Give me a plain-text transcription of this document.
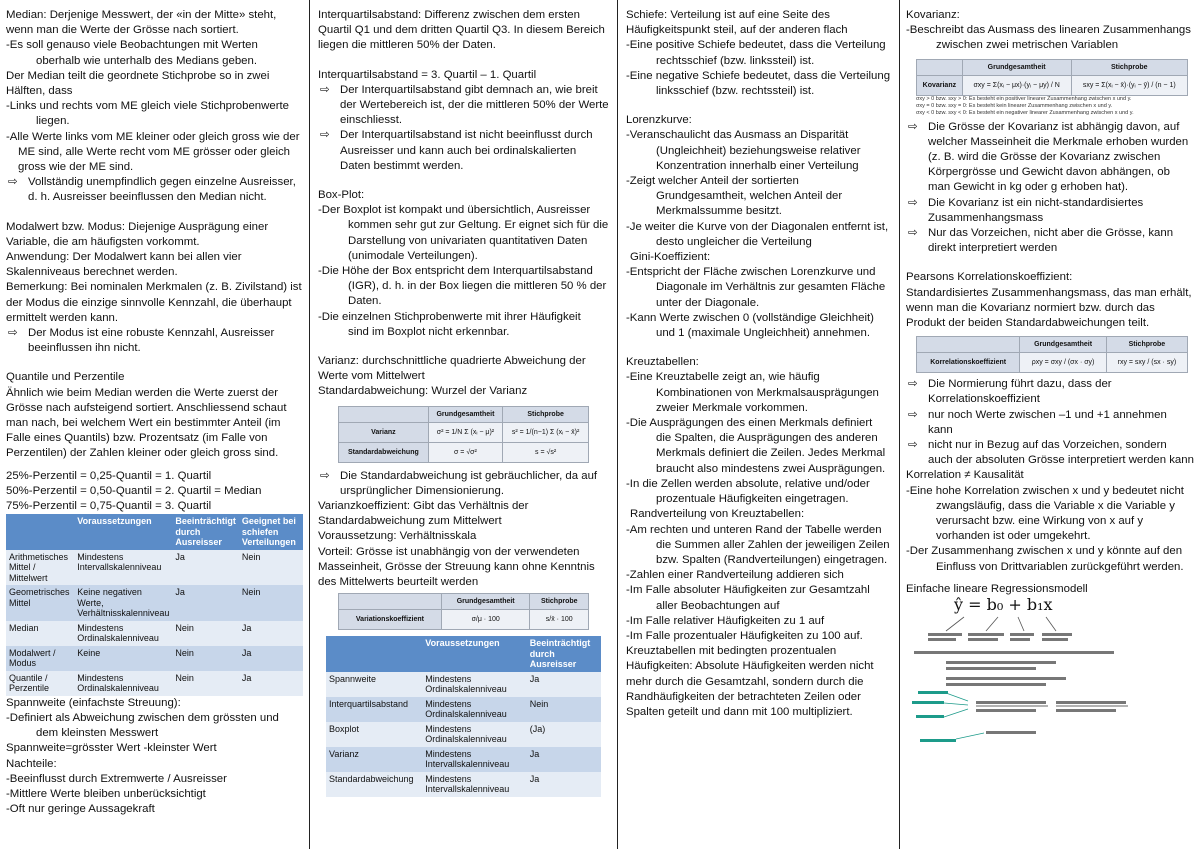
Median: Derjenige Messwert, der «in der Mitte» steht, wenn man die Werte der Grösse nach sortiert.

-Es soll genauso viele Beobachtungen mit Werten
oberhalb wie unterhalb des Medians geben.

Der Median teilt die geordnete Stichprobe so in zwei Hälften, dass

-Links und rechts vom ME gleich viele Stichprobenwerte
liegen.

-Alle Werte links vom ME kleiner oder gleich gross wie der ME sind, alle Werte recht vom ME grösser oder gleich gross wie der ME sind.

⇨ Vollständig unempfindlich gegen einzelne Ausreisser, d. h. Ausreisser beeinflussen den Median nicht.

Modalwert bzw. Modus: Diejenige Ausprägung einer Variable, die am häufigsten vorkommt.

Anwendung: Der Modalwert kann bei allen vier Skalenniveaus berechnet werden.

Bemerkung: Bei nominalen Merkmalen (z. B. Zivilstand) ist der Modus die einzige sinnvolle Kennzahl, die überhaupt ermittelt werden kann.

⇨ Der Modus ist eine robuste Kennzahl, Ausreisser beeinflussen ihn nicht.

Quantile und Perzentile

Ähnlich wie beim Median werden die Werte zuerst der Grösse nach aufsteigend sortiert. Anschliessend schaut man nach, bei welchem Wert ein bestimmter Anteil (im Falle eines Quantils) bzw. Prozentsatz (im Falle von Perzentilen) der Zahlen kleiner oder gleich gross sind.

25%-Perzentil = 0,25-Quantil = 1. Quartil

50%-Perzentil = 0,50-Quantil = 2. Quartil = Median

75%-Perzentil = 0,75-Quantil = 3. Quartil

	Voraussetzungen	Beeinträchtigt durch Ausreisser	Geeignet bei schiefen Verteilungen
Arithmetisches Mittel / Mittelwert	Mindestens Intervallskalenniveau	Ja	Nein
Geometrisches Mittel	Keine negativen Werte, Verhältnisskalenniveau	Ja	Nein
Median	Mindestens Ordinalskalenniveau	Nein	Ja
Modalwert / Modus	Keine	Nein	Ja
Quantile / Perzentile	Mindestens Ordinalskalenniveau	Nein	Ja

Spannweite (einfachste Streuung):

-Definiert als Abweichung zwischen dem grössten und
dem kleinsten Messwert

Spannweite=grösster Wert -kleinster Wert

Nachteile:

-Beeinflusst durch Extremwerte / Ausreisser

-Mittlere Werte bleiben unberücksichtigt

-Oft nur geringe Aussagekraft

Interquartilsabstand: Differenz zwischen dem ersten Quartil Q1 und dem dritten Quartil Q3. In diesem Bereich liegen die mittleren 50% der Daten.

Interquartilsabstand = 3. Quartil – 1. Quartil

⇨ Der Interquartilsabstand gibt demnach an, wie breit der Wertebereich ist, der die mittleren 50% der Werte einschliesst.

⇨ Der Interquartilsabstand ist nicht beeinflusst durch Ausreisser und kann auch bei ordinalskalierten Daten bestimmt werden.

Box-Plot:

-Der Boxplot ist kompakt und übersichtlich, Ausreisser
kommen sehr gut zur Geltung. Er eignet sich für die Darstellung von univariaten quantitativen Daten (unimodale Verteilungen).

-Die Höhe der Box entspricht dem Interquartilsabstand
(IGR), d. h. in der Box liegen die mittleren 50 % der Daten.

-Die einzelnen Stichprobenwerte mit ihrer Häufigkeit
sind im Boxplot nicht erkennbar.

Varianz: durchschnittliche quadrierte Abweichung der Werte vom Mittelwert

Standardabweichung: Wurzel der Varianz

	Grundgesamtheit	Stichprobe
Varianz	σ² = 1/N Σ (xᵢ − μ)²	s² = 1/(n−1) Σ (xᵢ − x̄)²
Standardabweichung	σ = √σ²	s = √s²

⇨ Die Standardabweichung ist gebräuchlicher, da auf ursprünglicher Dimensionierung.

Varianzkoeffizient: Gibt das Verhältnis der Standardabweichung zum Mittelwert

Voraussetzung: Verhältnisskala

Vorteil: Grösse ist unabhängig von der verwendeten Masseinheit, Grösse der Streuung kann ohne Kenntnis des Mittelwerts beurteilt werden

	Grundgesamtheit	Stichprobe
Variationskoeffizient	σ/μ · 100	s/x̄ · 100
	Voraussetzungen	Beeinträchtigt durch Ausreisser
Spannweite	Mindestens Ordinalskalenniveau	Ja
Interquartilsabstand	Mindestens Ordinalskalenniveau	Nein
Boxplot	Mindestens Ordinalskalenniveau	(Ja)
Varianz	Mindestens Intervallskalenniveau	Ja
Standardabweichung	Mindestens Intervallskalenniveau	Ja

Schiefe: Verteilung ist auf eine Seite des Häufigkeitspunkt steil, auf der anderen flach

-Eine positive Schiefe bedeutet, dass die Verteilung
rechtsschief (bzw. linkssteil) ist.

-Eine negative Schiefe bedeutet, dass die Verteilung
linksschief (bzw. rechtssteil) ist.

Lorenzkurve:

-Veranschaulicht das Ausmass an Disparität
(Ungleichheit) beziehungsweise relativer Konzentration innerhalb einer Verteilung

-Zeigt welcher Anteil der sortierten
Grundgesamtheit, welchen Anteil der Merkmalssumme besitzt.

-Je weiter die Kurve von der Diagonalen entfernt ist,
desto ungleicher die Verteilung

Gini-Koeffizient:

-Entspricht der Fläche zwischen Lorenzkurve und
Diagonale im Verhältnis zur gesamten Fläche unter der Diagonale.

-Kann Werte zwischen 0 (vollständige Gleichheit)
und 1 (maximale Ungleichheit) annehmen.

Kreuztabellen:

-Eine Kreuztabelle zeigt an, wie häufig
Kombinationen von Merkmalsausprägungen zweier Merkmale vorkommen.

-Die Ausprägungen des einen Merkmals definiert
die Spalten, die Ausprägungen des anderen Merkmals definiert die Zeilen. Jedes Merkmal braucht also mindestens zwei Ausprägungen.

-In die Zellen werden absolute, relative und/oder
prozentuale Häufigkeiten eingetragen.

Randverteilung von Kreuztabellen:

-Am rechten und unteren Rand der Tabelle werden
die Summen aller Zahlen der jeweiligen Zeilen bzw. Spalten (Randverteilungen) eingetragen.

-Zahlen einer Randverteilung addieren sich

-Im Falle absoluter Häufigkeiten zur Gesamtzahl
aller Beobachtungen auf

-Im Falle relativer Häufigkeiten zu 1 auf

-Im Falle prozentualer Häufigkeiten zu 100 auf.

Kreuztabellen mit bedingten prozentualen Häufigkeiten: Absolute Häufigkeiten werden nicht mehr durch die Gesamtzahl, sondern durch die Randhäufigkeiten der betrachteten Zeilen oder Spalten geteilt und dann mit 100 multipliziert.

Kovarianz:

-Beschreibt das Ausmass des linearen Zusammenhangs
zwischen zwei metrischen Variablen

	Grundgesamtheit	Stichprobe
Kovarianz	σxy = Σ(xᵢ − μx)·(yᵢ − μy) / N	sxy = Σ(xᵢ − x̄)·(yᵢ − ȳ) / (n − 1)

σxy > 0 bzw. sxy > 0: Es besteht ein positiver linearer Zusammenhang zwischen x und y.

σxy = 0 bzw. sxy = 0: Es besteht kein linearer Zusammenhang zwischen x und y.

σxy < 0 bzw. sxy < 0: Es besteht ein negativer linearer Zusammenhang zwischen x und y.

⇨ Die Grösse der Kovarianz ist abhängig davon, auf welcher Masseinheit die Merkmale erhoben wurden (z. B. wird die Grösse der Kovarianz zwischen Körpergrösse und Gewicht davon abhängen, ob man Gewicht in kg oder g erhoben hat).

⇨ Die Kovarianz ist ein nicht-standardisiertes Zusammenhangsmass

⇨ Nur das Vorzeichen, nicht aber die Grösse, kann direkt interpretiert werden

Pearsons Korrelationskoeffizient:

Standardisiertes Zusammenhangsmass, das man erhält, wenn man die Kovarianz normiert bzw. durch das Produkt der beiden Standardabweichungen teilt.

	Grundgesamtheit	Stichprobe
Korrelationskoeffizient	ρxy = σxy / (σx · σy)	rxy = sxy / (sx · sy)

⇨ Die Normierung führt dazu, dass der Korrelationskoeffizient

⇨ nur noch Werte zwischen –1 und +1 annehmen kann

⇨ nicht nur in Bezug auf das Vorzeichen, sondern auch der absoluten Grösse interpretiert werden kann

Korrelation ≠ Kausalität

-Eine hohe Korrelation zwischen x und y bedeutet nicht
zwangsläufig, dass die Variable x die Variable y verursacht bzw. eine Wirkung von x auf y vorhanden ist oder umgekehrt.

-Der Zusammenhang zwischen x und y könnte auf den
Einfluss von Drittvariablen zurückgeführt werden.

Einfache lineare Regressionsmodell

ŷ = b₀ + b₁x
